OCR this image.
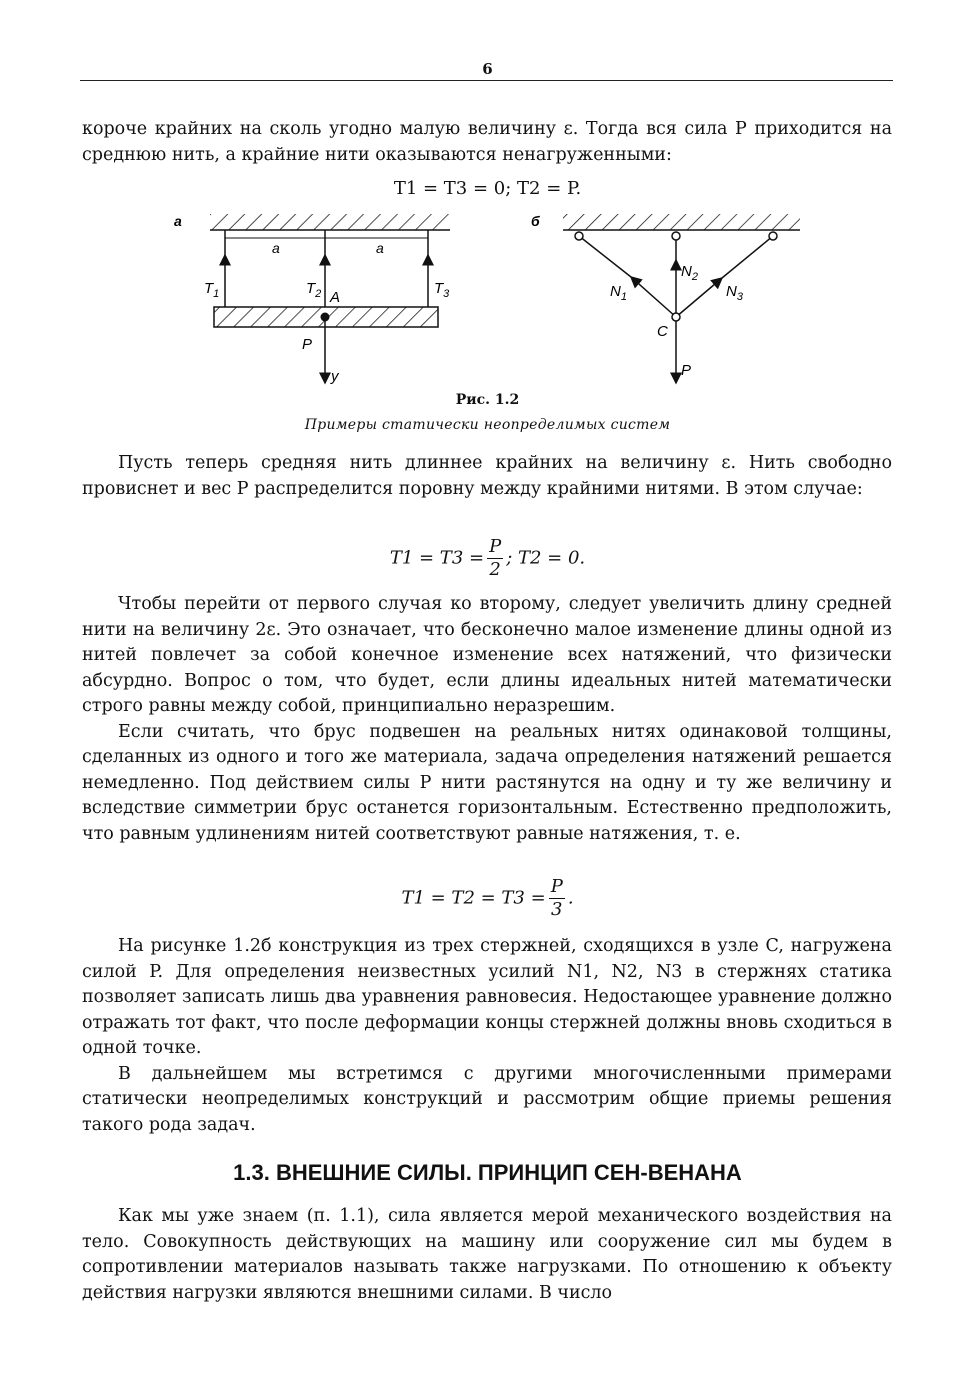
6

короче крайних на сколь угодно малую величину ε. Тогда вся сила P приходится на среднюю нить, а крайние нити оказываются ненагруженными:

T1 = T3 = 0; T2 = P.
а
a	a
$T_1$	$T_2$ A
$T_3$
P
y
б
$N_1$
$N_2$
$N_3$
C
P
Рис. 1.2
Примеры статически неопределимых систем

Пусть теперь средняя нить длиннее крайних на величину ε. Нить свободно провиснет и вес P распределится поровну между крайними нитями. В этом случае:

$T1 = T3 = \frac{P}{2}$ ; T2 = 0.

Чтобы перейти от первого случая ко второму, следует увеличить длину средней нити на величину 2ε. Это означает, что бесконечно малое изменение длины одной из нитей повлечет за собой конечное изменение всех натяжений, что физически абсурдно. Вопрос о том, что будет, если длины идеальных нитей математически строго равны между собой, принципиально неразрешим.

Если считать, что брус подвешен на реальных нитях одинаковой толщины, сделанных из одного и того же материала, задача определения натяжений решается немедленно. Под действием силы P нити растянутся на одну и ту же величину и вследствие симметрии брус останется горизонтальным. Естественно предположить, что равным удлинениям нитей соответствуют равные натяжения, т. е.

$T1 = T2 = T3 = \frac{P}{3}$ .

На рисунке 1.2б конструкция из трех стержней, сходящихся в узле C, нагружена силой P. Для определения неизвестных усилий N1, N2, N3 в стержнях статика позволяет записать лишь два уравнения равновесия. Недостающее уравнение должно отражать тот факт, что после деформации концы стержней должны вновь сходиться в одной точке.

В дальнейшем мы встретимся с другими многочисленными примерами статически неопределимых конструкций и рассмотрим общие приемы решения такого рода задач.

1.3. ВНЕШНИЕ СИЛЫ. ПРИНЦИП СЕН-ВЕНАНА

Как мы уже знаем (п. 1.1), сила является мерой механического воздействия на тело. Совокупность действующих на машину или сооружение сил мы будем в сопротивлении материалов называть также нагрузками. По отношению к объекту действия нагрузки являются внешними силами. В число
